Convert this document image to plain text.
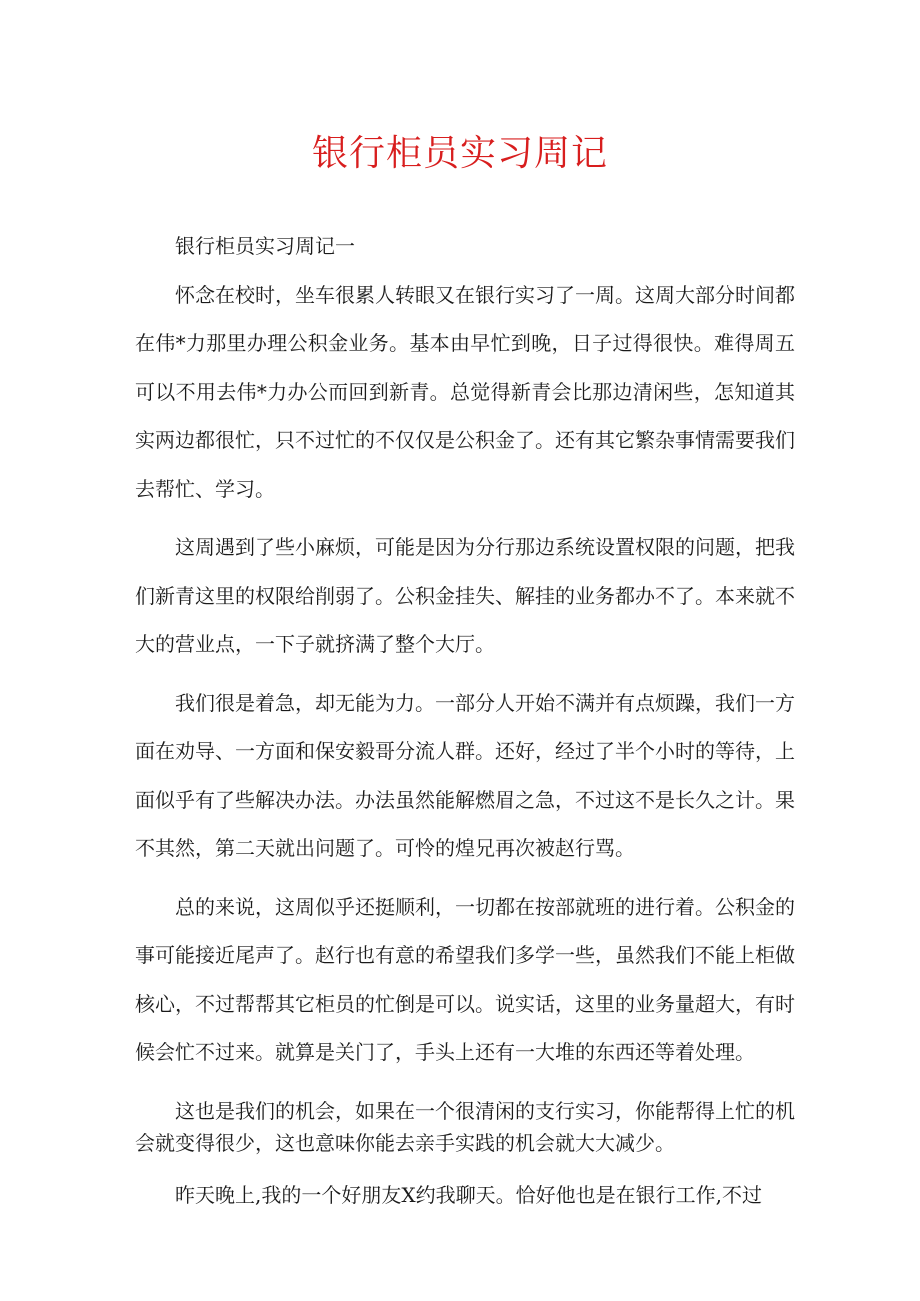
银行柜员实习周记

银行柜员实习周记一

怀念在校时，坐车很累人转眼又在银行实习了一周。这周大部分时间都在伟*力那里办理公积金业务。基本由早忙到晚，日子过得很快。难得周五可以不用去伟*力办公而回到新青。总觉得新青会比那边清闲些，怎知道其实两边都很忙，只不过忙的不仅仅是公积金了。还有其它繁杂事情需要我们去帮忙、学习。

这周遇到了些小麻烦，可能是因为分行那边系统设置权限的问题，把我们新青这里的权限给削弱了。公积金挂失、解挂的业务都办不了。本来就不大的营业点，一下子就挤满了整个大厅。

我们很是着急，却无能为力。一部分人开始不满并有点烦躁，我们一方面在劝导、一方面和保安毅哥分流人群。还好，经过了半个小时的等待，上面似乎有了些解决办法。办法虽然能解燃眉之急，不过这不是长久之计。果不其然，第二天就出问题了。可怜的煌兄再次被赵行骂。

总的来说，这周似乎还挺顺利，一切都在按部就班的进行着。公积金的事可能接近尾声了。赵行也有意的希望我们多学一些，虽然我们不能上柜做核心，不过帮帮其它柜员的忙倒是可以。说实话，这里的业务量超大，有时候会忙不过来。就算是关门了，手头上还有一大堆的东西还等着处理。

这也是我们的机会，如果在一个很清闲的支行实习，你能帮得上忙的机会就变得很少，这也意味你能去亲手实践的机会就大大减少。

昨天晚上,我的一个好朋友X约我聊天。恰好他也是在银行工作,不过
